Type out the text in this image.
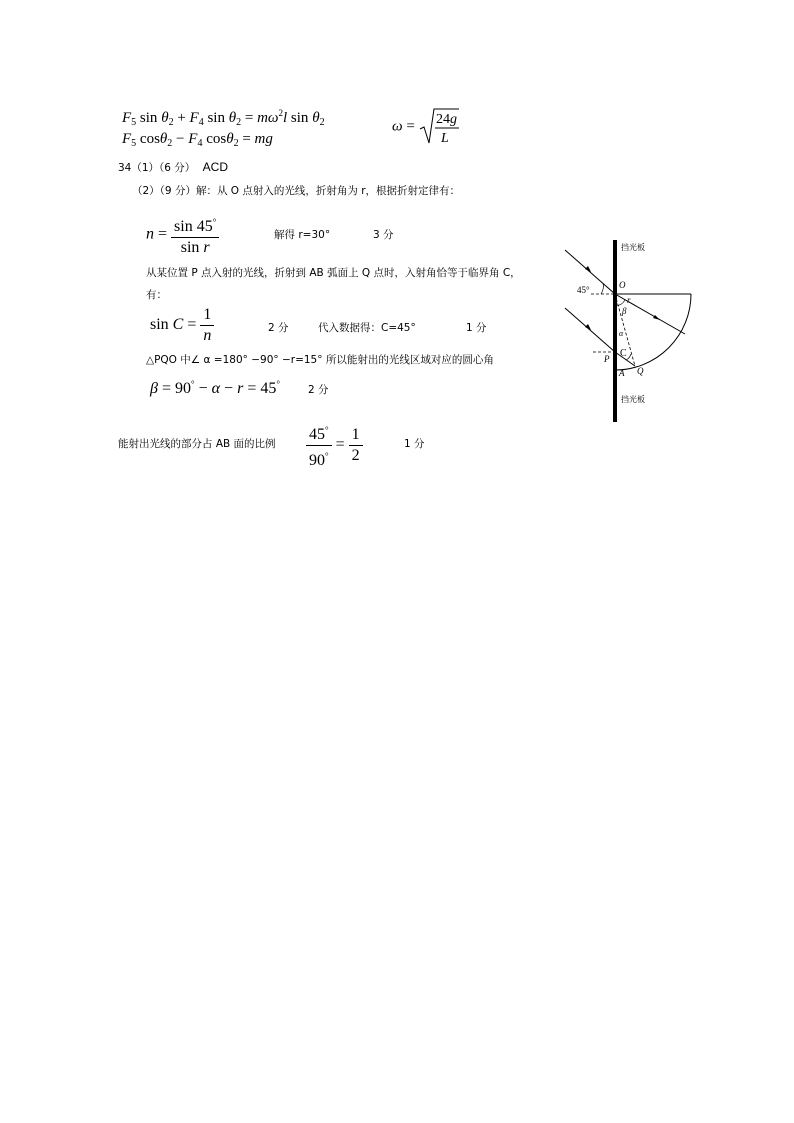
$F_5$ $\sin \theta_2 + F_4$ $\sin \theta_2 = m\omega^2l$ $\sin \theta_2$
$F_5$ $\cos\theta_2 - F_4$ cosθ$_2$ = mg
ω = 24g
L
34（1）（6 分） ACD
（2）（9 分）解：从 O 点射入的光线，折射角为 r，根据折射定律有：
$n = \frac{\sin 45^\circ}{\text{sin r}}$	解得 r=30°	3 分
从某位置 P 点入射的光线，折射到 AB 弧面上 Q 点时，入射角恰等于临界角 C，
有：
$\sin C = \frac{1}{n}$	2 分	代入数据得：C=45°	1 分
△PQO 中∠ α =180° −90° −r=15° 所以能射出的光线区域对应的圆心角
β = 90° − α − r = 45°	2 分
能射出光线的部分占 AB 面的比例 $\frac{45^\circ}{90^\circ} = \frac{1}{2}$	1 分
挡光板
挡光板
45°	O
r
β
α
C
P
A Q
